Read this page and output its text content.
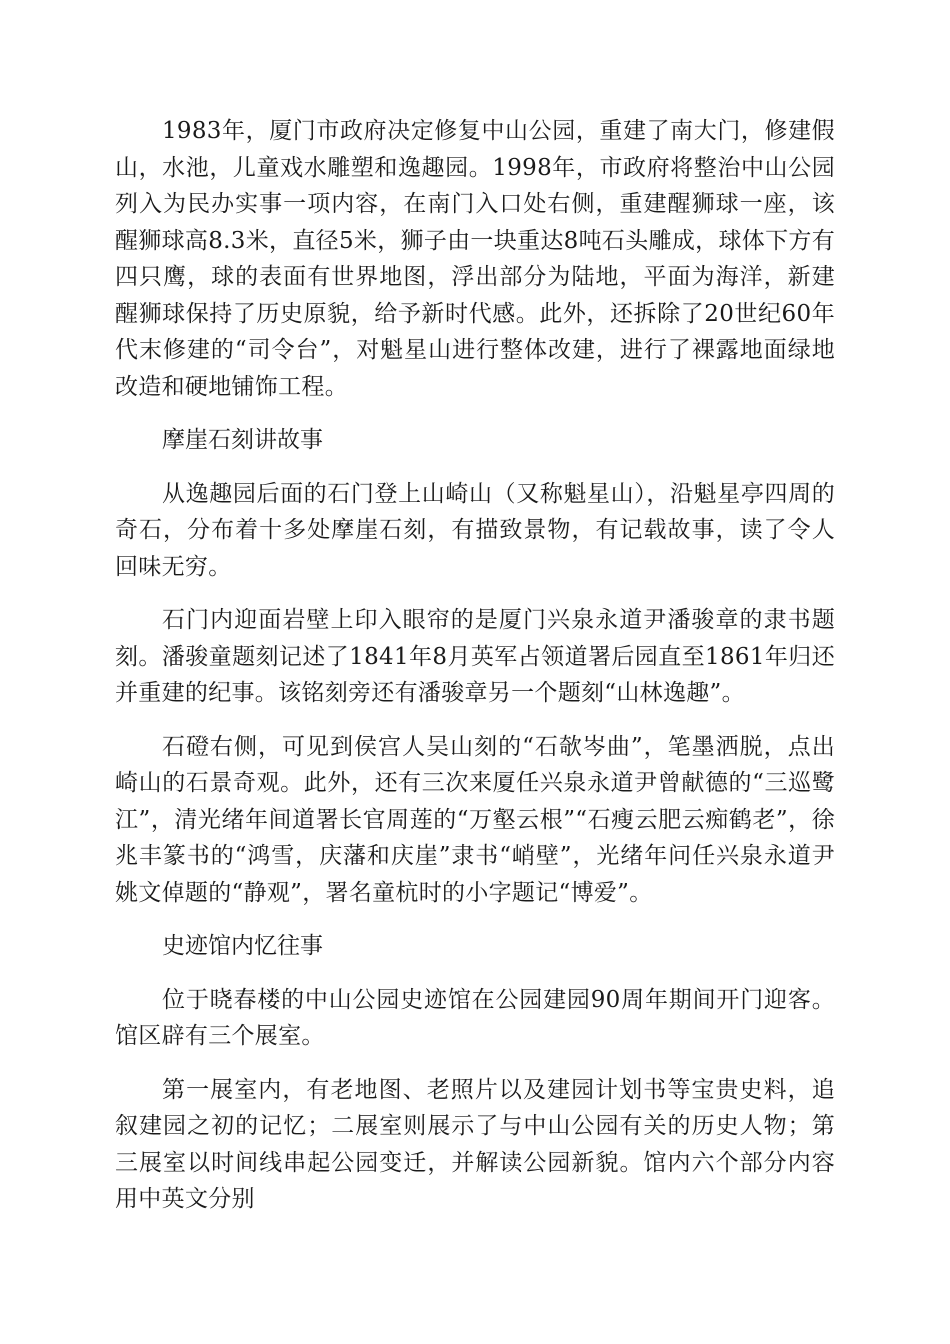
1983年，厦门市政府决定修复中山公园，重建了南大门，修建假山，水池，儿童戏水雕塑和逸趣园。1998年，市政府将整治中山公园列入为民办实事一项内容，在南门入口处右侧，重建醒狮球一座，该醒狮球高8.3米，直径5米，狮子由一块重达8吨石头雕成，球体下方有四只鹰，球的表面有世界地图，浮出部分为陆地，平面为海洋，新建醒狮球保持了历史原貌，给予新时代感。此外，还拆除了20世纪60年代末修建的“司令台”，对魁星山进行整体改建，进行了裸露地面绿地改造和硬地铺饰工程。

摩崖石刻讲故事

从逸趣园后面的石门登上山崎山（又称魁星山），沿魁星亭四周的奇石，分布着十多处摩崖石刻，有描致景物，有记载故事，读了令人回味无穷。

石门内迎面岩壁上印入眼帘的是厦门兴泉永道尹潘骏章的隶书题刻。潘骏童题刻记述了1841年8月英军占领道署后园直至1861年归还并重建的纪事。该铭刻旁还有潘骏章另一个题刻“山林逸趣”。

石磴右侧，可见到侯宫人吴山刻的“石欹岑曲”，笔墨洒脱，点出崎山的石景奇观。此外，还有三次来厦任兴泉永道尹曾献德的“三巡鹭江”，清光绪年间道署长官周莲的“万壑云根”“石瘦云肥云痴鹤老”，徐兆丰篆书的“鸿雪，庆藩和庆崖”隶书“峭壁”，光绪年问任兴泉永道尹姚文倬题的“静观”，署名童杭时的小字题记“博爱”。

史迹馆内忆往事

位于晓春楼的中山公园史迹馆在公园建园90周年期间开门迎客。馆区辟有三个展室。

第一展室内，有老地图、老照片以及建园计划书等宝贵史料，追叙建园之初的记忆；二展室则展示了与中山公园有关的历史人物；第三展室以时间线串起公园变迁，并解读公园新貌。馆内六个部分内容用中英文分别
